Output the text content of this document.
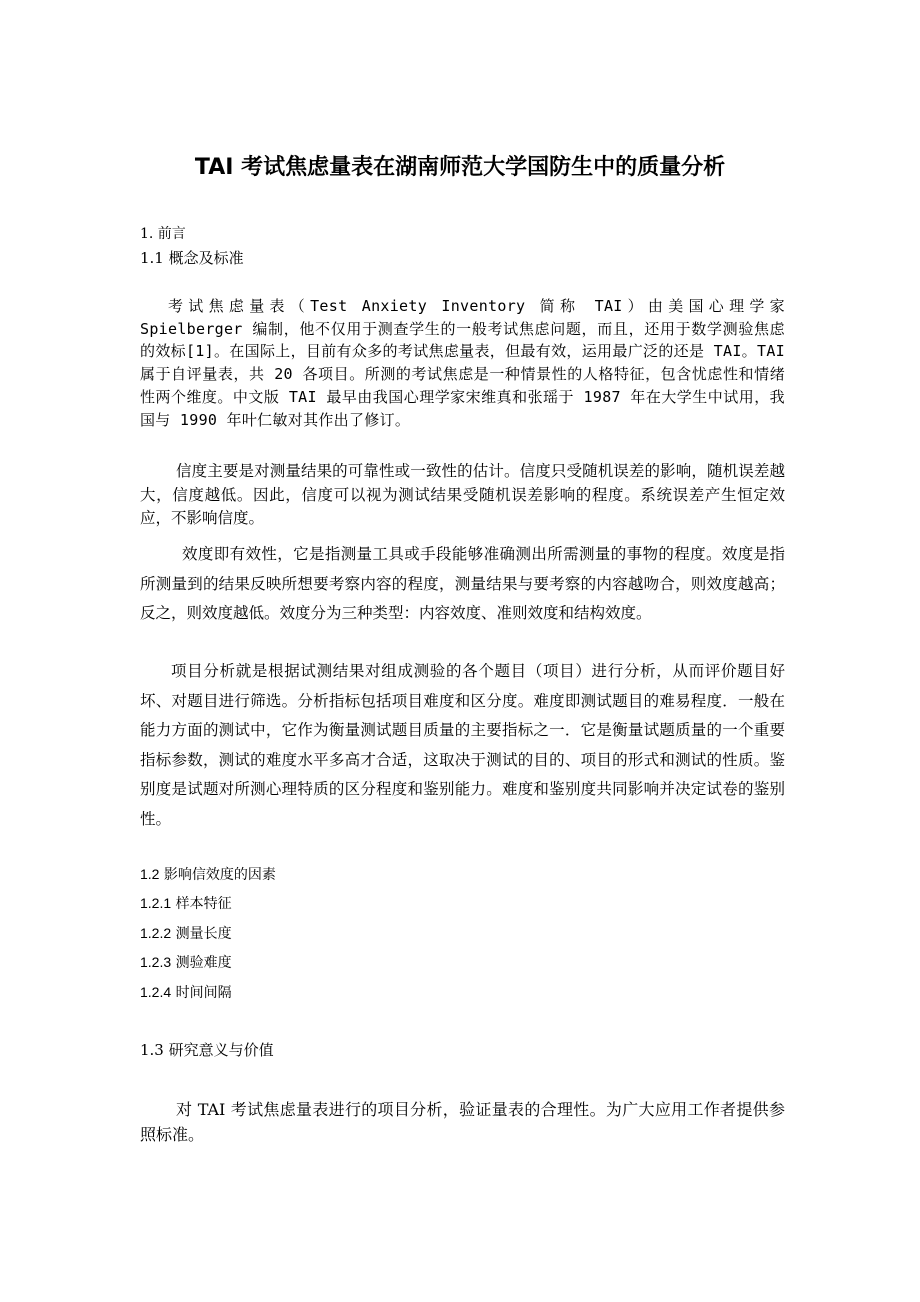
TAI 考试焦虑量表在湖南师范大学国防生中的质量分析
1. 前言
1.1 概念及标准

考试焦虑量表（Test Anxiety Inventory 简称 TAI）由美国心理学家 Spielberger 编制，他不仅用于测查学生的一般考试焦虑问题，而且，还用于数学测验焦虑的效标[1]。在国际上，目前有众多的考试焦虑量表，但最有效，运用最广泛的还是 TAI。TAI 属于自评量表，共 20 各项目。所测的考试焦虑是一种情景性的人格特征，包含忧虑性和情绪性两个维度。中文版 TAI 最早由我国心理学家宋维真和张瑶于 1987 年在大学生中试用，我国与 1990 年叶仁敏对其作出了修订。

信度主要是对测量结果的可靠性或一致性的估计。信度只受随机误差的影响，随机误差越大，信度越低。因此，信度可以视为测试结果受随机误差影响的程度。系统误差产生恒定效应，不影响信度。

效度即有效性，它是指测量工具或手段能够准确测出所需测量的事物的程度。效度是指所测量到的结果反映所想要考察内容的程度，测量结果与要考察的内容越吻合，则效度越高；反之，则效度越低。效度分为三种类型：内容效度、准则效度和结构效度。

项目分析就是根据试测结果对组成测验的各个题目（项目）进行分析，从而评价题目好坏、对题目进行筛选。分析指标包括项目难度和区分度。难度即测试题目的难易程度．一般在能力方面的测试中，它作为衡量测试题目质量的主要指标之一．它是衡量试题质量的一个重要指标参数，测试的难度水平多高才合适，这取决于测试的目的、项目的形式和测试的性质。鉴别度是试题对所测心理特质的区分程度和鉴别能力。难度和鉴别度共同影响并决定试卷的鉴别性。

1.2 影响信效度的因素
1.2.1 样本特征
1.2.2 测量长度
1.2.3 测验难度
1.2.4 时间间隔
1.3 研究意义与价值

对 TAI 考试焦虑量表进行的项目分析，验证量表的合理性。为广大应用工作者提供参照标准。
